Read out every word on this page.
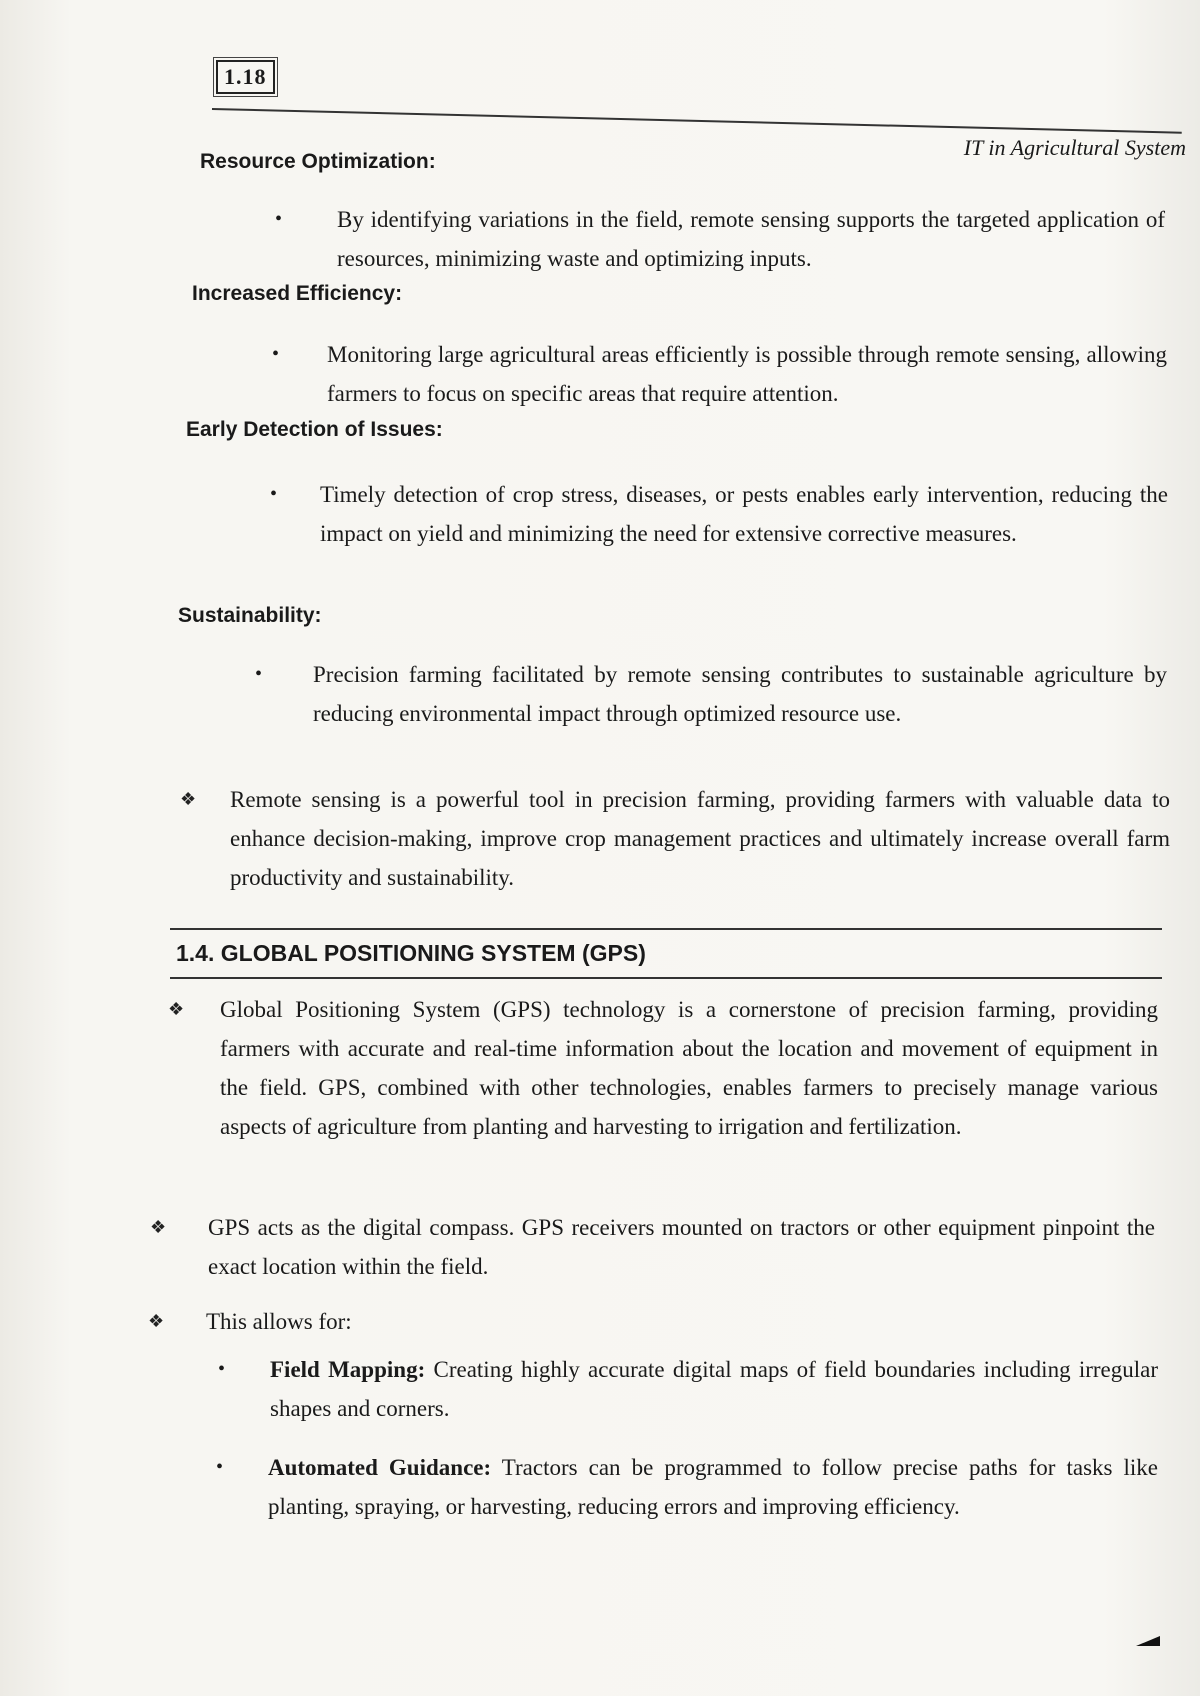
1.18
IT in Agricultural System
Resource Optimization:
• By identifying variations in the field, remote sensing supports the targeted application of resources, minimizing waste and optimizing inputs.
Increased Efficiency:
• Monitoring large agricultural areas efficiently is possible through remote sensing, allowing farmers to focus on specific areas that require attention.
Early Detection of Issues:
• Timely detection of crop stress, diseases, or pests enables early intervention, reducing the impact on yield and minimizing the need for extensive corrective measures.
Sustainability:
• Precision farming facilitated by remote sensing contributes to sustainable agriculture by reducing environmental impact through optimized resource use.
❖ Remote sensing is a powerful tool in precision farming, providing farmers with valuable data to enhance decision-making, improve crop management practices and ultimately increase overall farm productivity and sustainability.
1.4. GLOBAL POSITIONING SYSTEM (GPS)
❖ Global Positioning System (GPS) technology is a cornerstone of precision farming, providing farmers with accurate and real-time information about the location and movement of equipment in the field. GPS, combined with other technologies, enables farmers to precisely manage various aspects of agriculture from planting and harvesting to irrigation and fertilization.
❖ GPS acts as the digital compass. GPS receivers mounted on tractors or other equipment pinpoint the exact location within the field.
❖ This allows for:
• Field Mapping: Creating highly accurate digital maps of field boundaries including irregular shapes and corners.
• Automated Guidance: Tractors can be programmed to follow precise paths for tasks like planting, spraying, or harvesting, reducing errors and improving efficiency.
